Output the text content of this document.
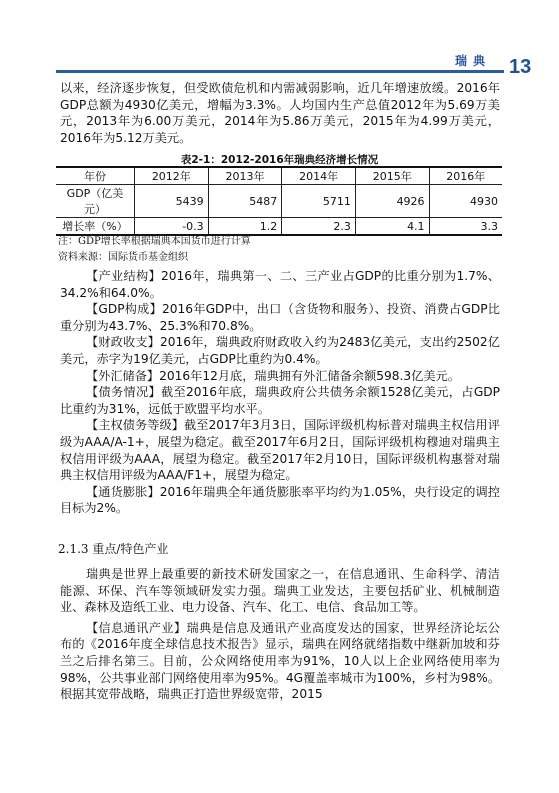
瑞典 13

以来，经济逐步恢复，但受欧债危机和内需减弱影响，近几年增速放缓。2016年GDP总额为4930亿美元，增幅为3.3%。人均国内生产总值2012年为5.69万美元，2013年为6.00万美元，2014年为5.86万美元，2015年为4.99万美元，2016年为5.12万美元。

表2-1：2012-2016年瑞典经济增长情况
年份	2012年	2013年	2014年	2015年	2016年
GDP（亿美元）	5439	5487	5711	4926	4930
增长率（%）	-0.3	1.2	2.3	4.1	3.3
注：GDP增长率根据瑞典本国货币进行计算
资料来源：国际货币基金组织

【产业结构】2016年，瑞典第一、二、三产业占GDP的比重分别为1.7%、34.2%和64.0%。

【GDP构成】2016年GDP中，出口（含货物和服务）、投资、消费占GDP比重分别为43.7%、25.3%和70.8%。

【财政收支】2016年，瑞典政府财政收入约为2483亿美元，支出约2502亿美元，赤字为19亿美元，占GDP比重约为0.4%。

【外汇储备】2016年12月底，瑞典拥有外汇储备余额598.3亿美元。

【债务情况】截至2016年底，瑞典政府公共债务余额1528亿美元，占GDP比重约为31%，远低于欧盟平均水平。

【主权债务等级】截至2017年3月3日，国际评级机构标普对瑞典主权信用评级为AAA/A-1+，展望为稳定。截至2017年6月2日，国际评级机构穆迪对瑞典主权信用评级为AAA，展望为稳定。截至2017年2月10日，国际评级机构惠誉对瑞典主权信用评级为AAA/F1+，展望为稳定。

【通货膨胀】2016年瑞典全年通货膨胀率平均约为1.05%，央行设定的调控目标为2%。

2.1.3 重点/特色产业

瑞典是世界上最重要的新技术研发国家之一，在信息通讯、生命科学、清洁能源、环保、汽车等领域研发实力强。瑞典工业发达，主要包括矿业、机械制造业、森林及造纸工业、电力设备、汽车、化工、电信、食品加工等。

【信息通讯产业】瑞典是信息及通讯产业高度发达的国家，世界经济论坛公布的《2016年度全球信息技术报告》显示，瑞典在网络就绪指数中继新加坡和芬兰之后排名第三。目前，公众网络使用率为91%，10人以上企业网络使用率为98%，公共事业部门网络使用率为95%。4G覆盖率城市为100%，乡村为98%。根据其宽带战略，瑞典正打造世界级宽带，2015
